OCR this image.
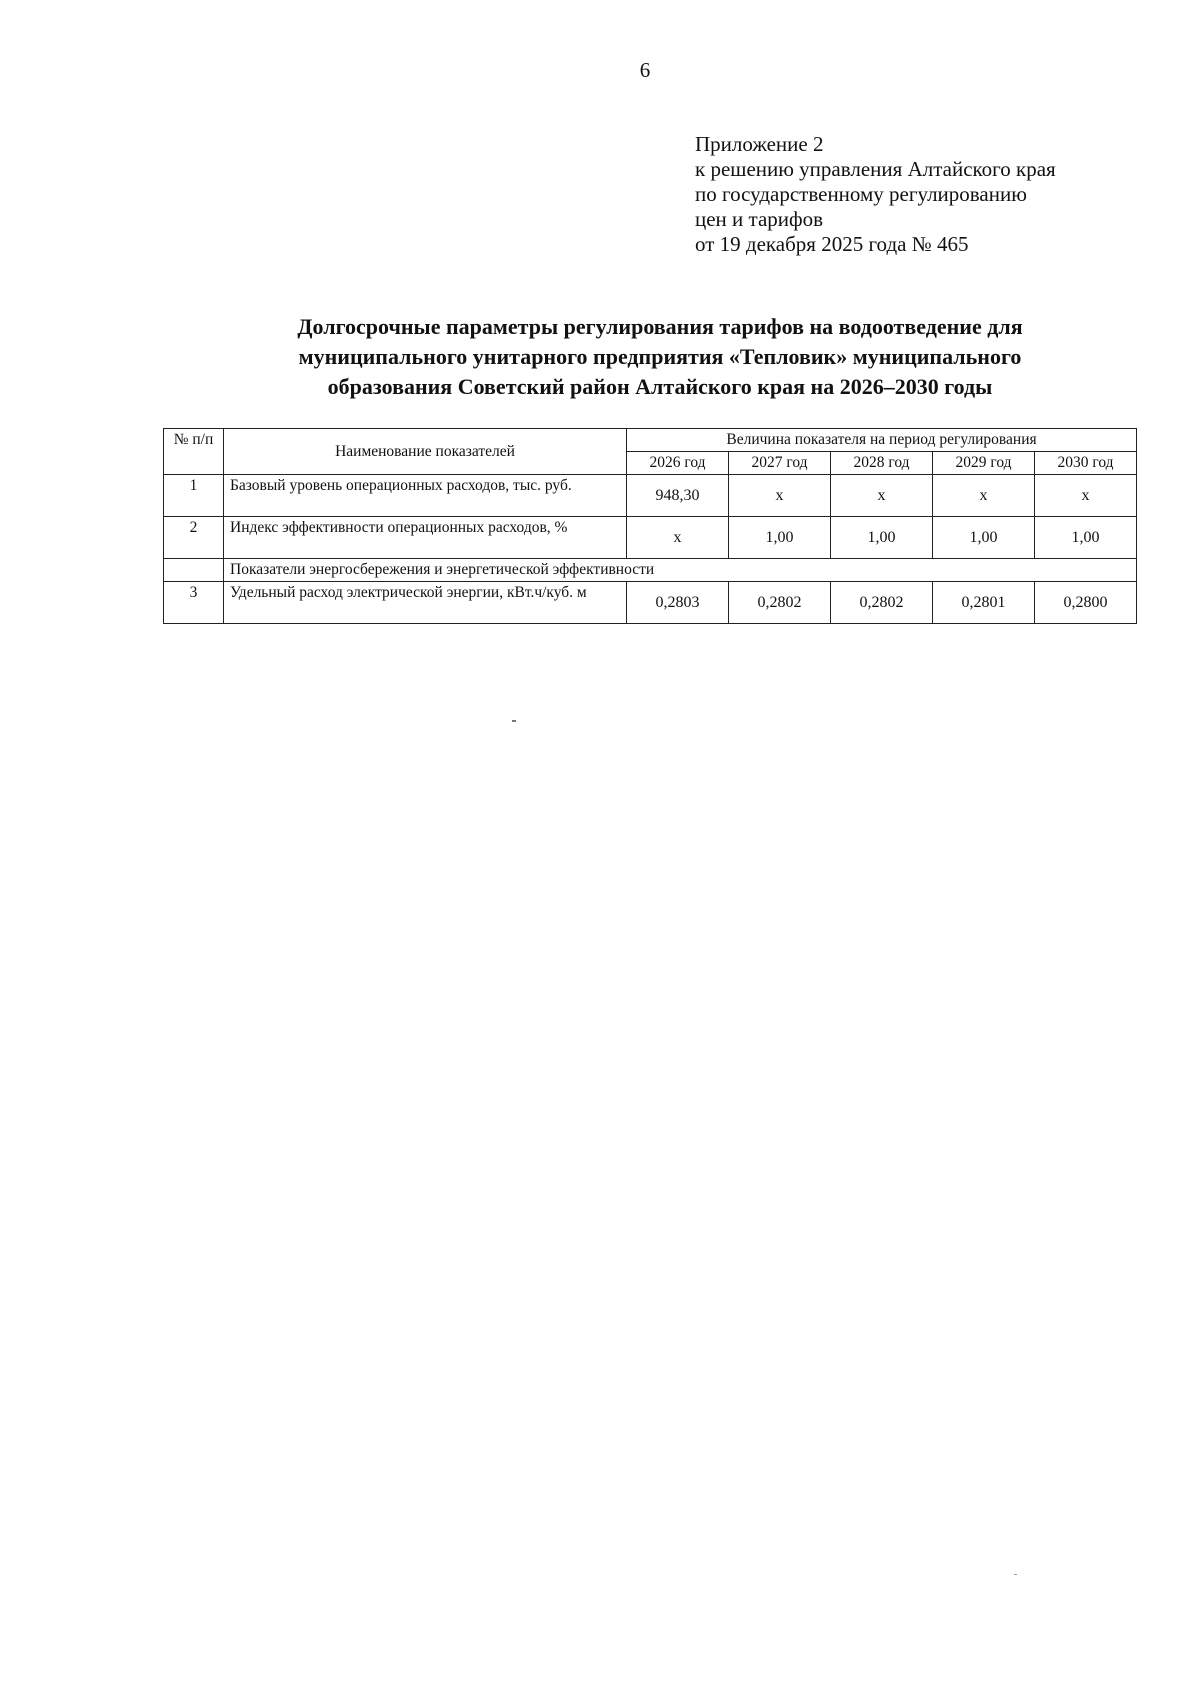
6
Приложение 2
к решению управления Алтайского края
по государственному регулированию
цен и тарифов
от 19 декабря 2025 года № 465
Долгосрочные параметры регулирования тарифов на водоотведение для
муниципального унитарного предприятия «Тепловик» муниципального
образования Советский район Алтайского края на 2026–2030 годы
№ п/п	Наименование показателей	Величина показателя на период регулирования				
		2026 год	2027 год	2028 год	2029 год	2030 год
1	Базовый уровень операционных расходов, тыс. руб.	948,30	х	х	х	х
2	Индекс эффективности операционных расходов, %	х	1,00	1,00	1,00	1,00
	Показатели энергосбережения и энергетической эффективности					
3	Удельный расход электрической энергии, кВт.ч/куб. м	0,2803	0,2802	0,2802	0,2801	0,2800
